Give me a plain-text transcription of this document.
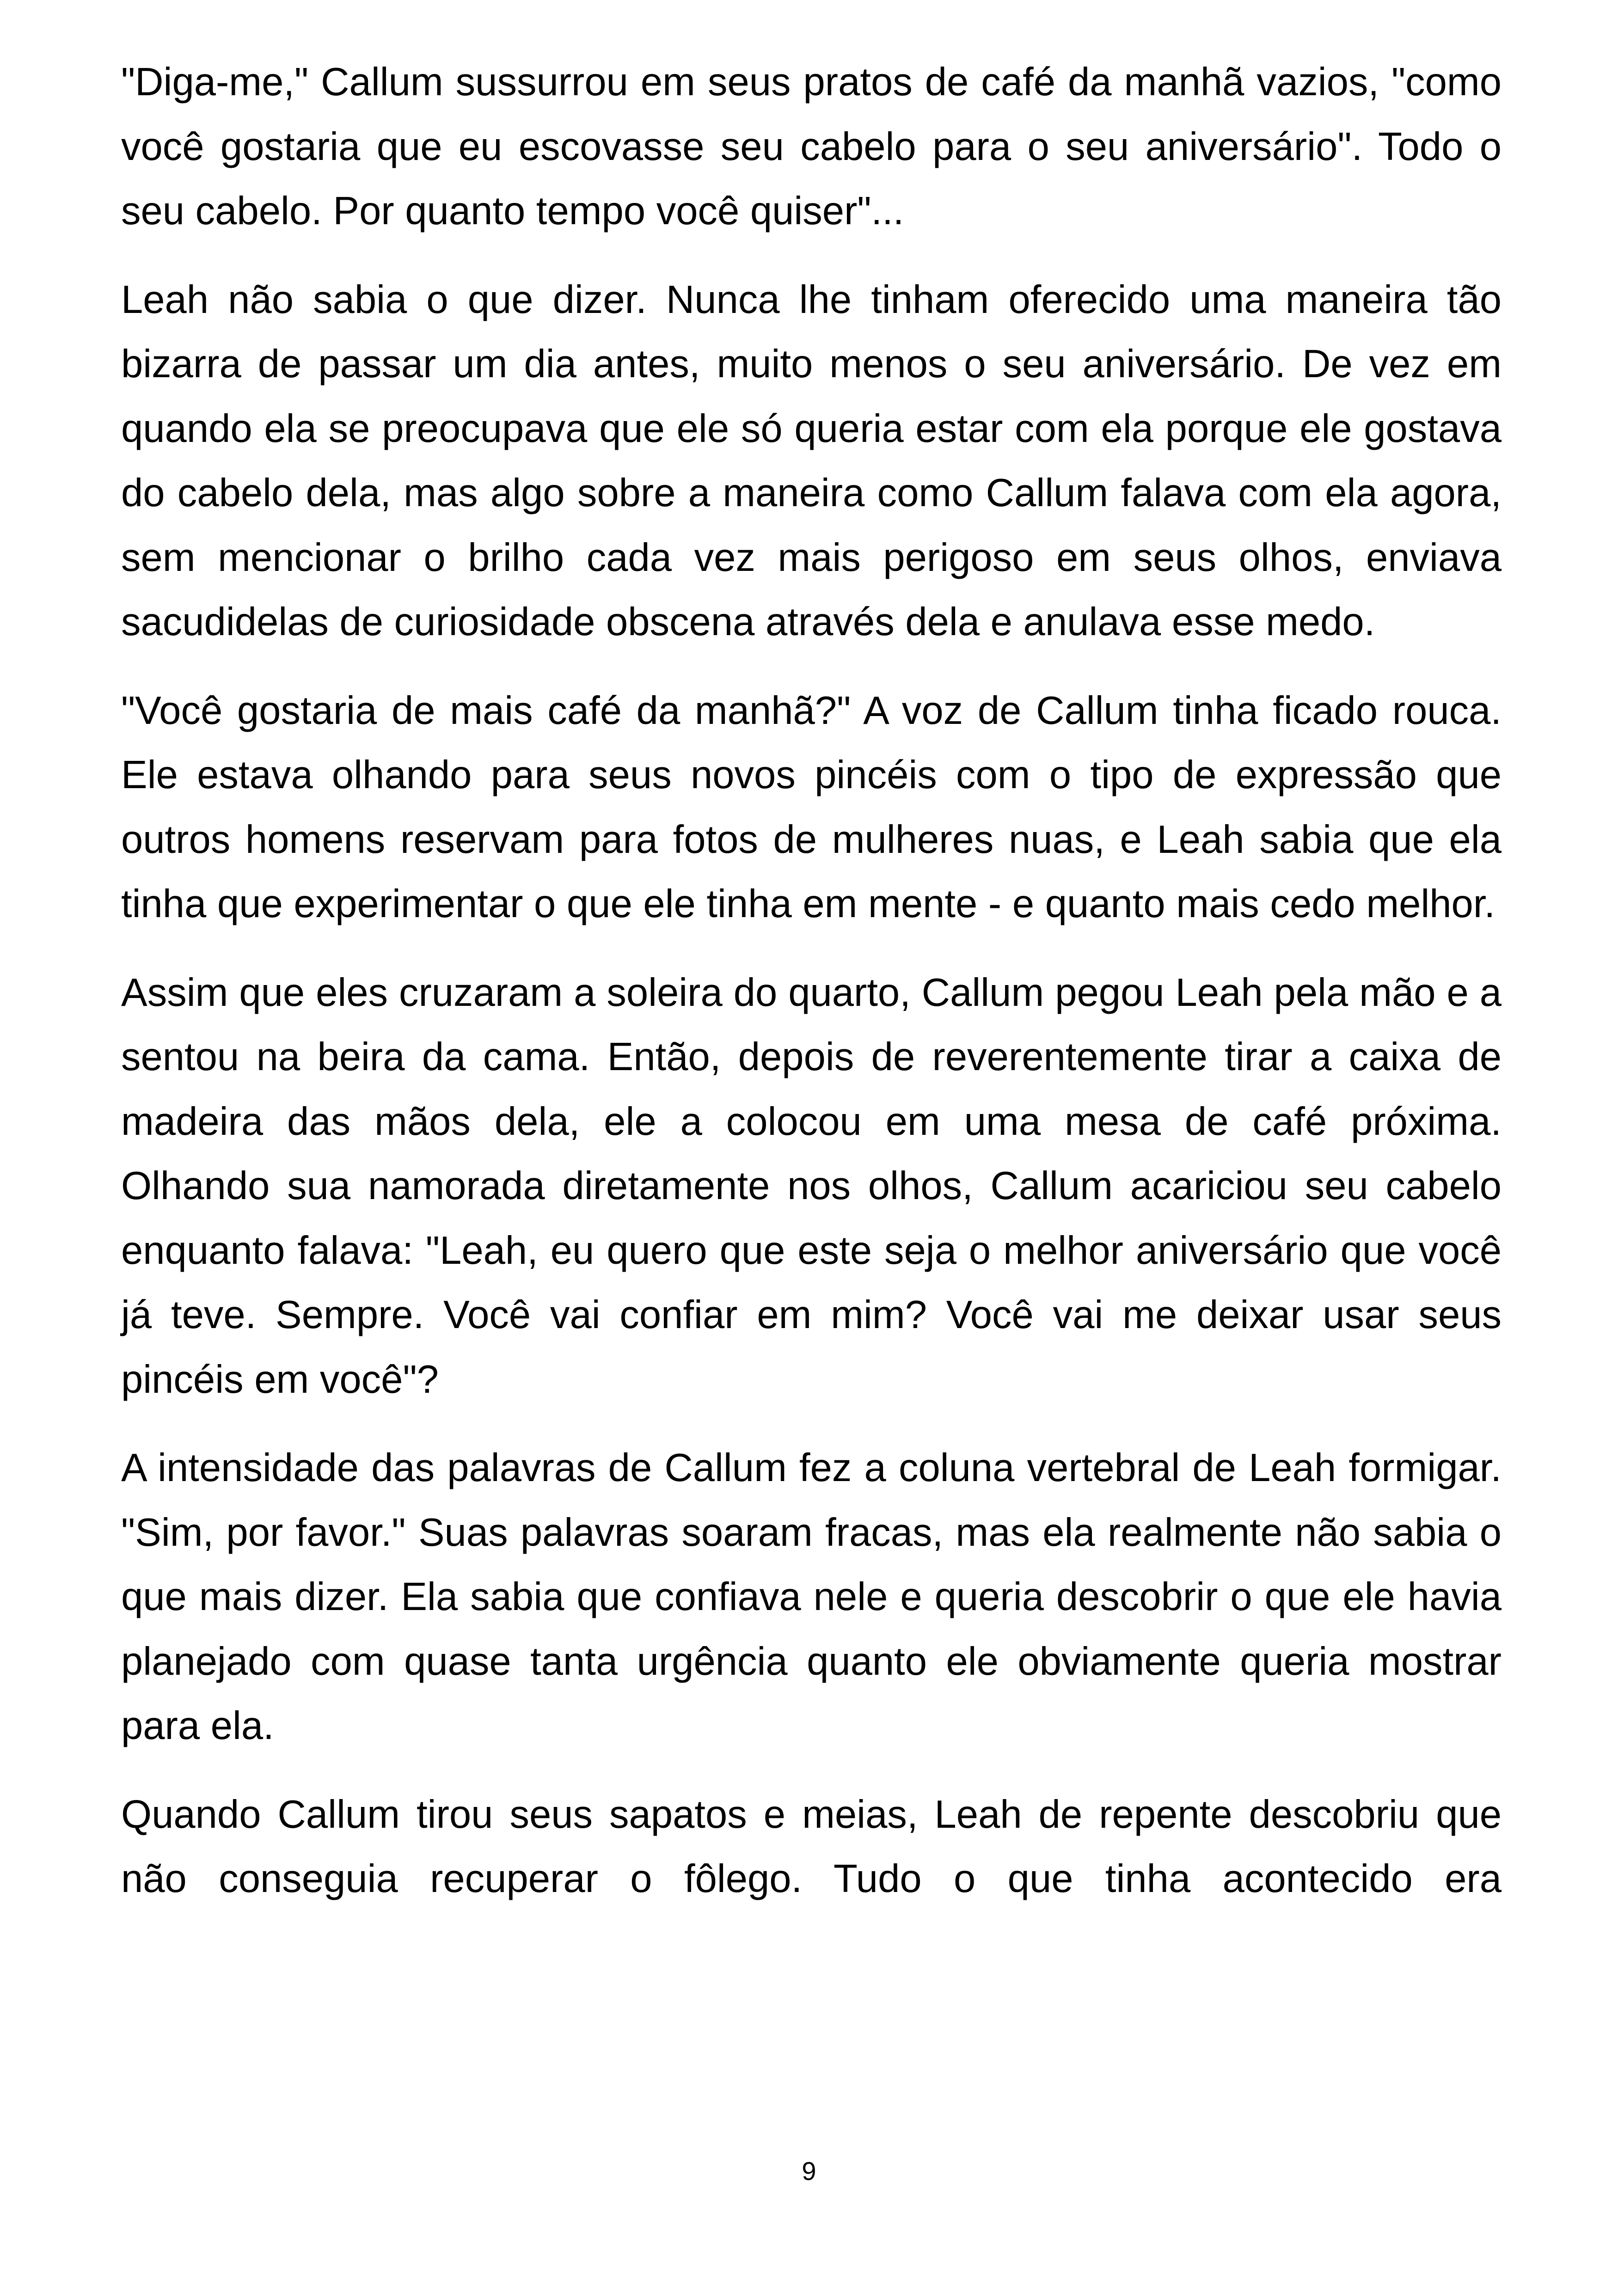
"Diga-me," Callum sussurrou em seus pratos de café da manhã vazios, "como você gostaria que eu escovasse seu cabelo para o seu aniversário". Todo o seu cabelo. Por quanto tempo você quiser"...

Leah não sabia o que dizer. Nunca lhe tinham oferecido uma maneira tão bizarra de passar um dia antes, muito menos o seu aniversário. De vez em quando ela se preocupava que ele só queria estar com ela porque ele gostava do cabelo dela, mas algo sobre a maneira como Callum falava com ela agora, sem mencionar o brilho cada vez mais perigoso em seus olhos, enviava sacudidelas de curiosidade obscena através dela e anulava esse medo.

"Você gostaria de mais café da manhã?" A voz de Callum tinha ficado rouca. Ele estava olhando para seus novos pincéis com o tipo de expressão que outros homens reservam para fotos de mulheres nuas, e Leah sabia que ela tinha que experimentar o que ele tinha em mente - e quanto mais cedo melhor.

Assim que eles cruzaram a soleira do quarto, Callum pegou Leah pela mão e a sentou na beira da cama. Então, depois de reverentemente tirar a caixa de madeira das mãos dela, ele a colocou em uma mesa de café próxima. Olhando sua namorada diretamente nos olhos, Callum acariciou seu cabelo enquanto falava: "Leah, eu quero que este seja o melhor aniversário que você já teve. Sempre. Você vai confiar em mim? Você vai me deixar usar seus pincéis em você"?

A intensidade das palavras de Callum fez a coluna vertebral de Leah formigar. "Sim, por favor." Suas palavras soaram fracas, mas ela realmente não sabia o que mais dizer. Ela sabia que confiava nele e queria descobrir o que ele havia planejado com quase tanta urgência quanto ele obviamente queria mostrar para ela.

Quando Callum tirou seus sapatos e meias, Leah de repente descobriu que não conseguia recuperar o fôlego. Tudo o que tinha acontecido era

9
